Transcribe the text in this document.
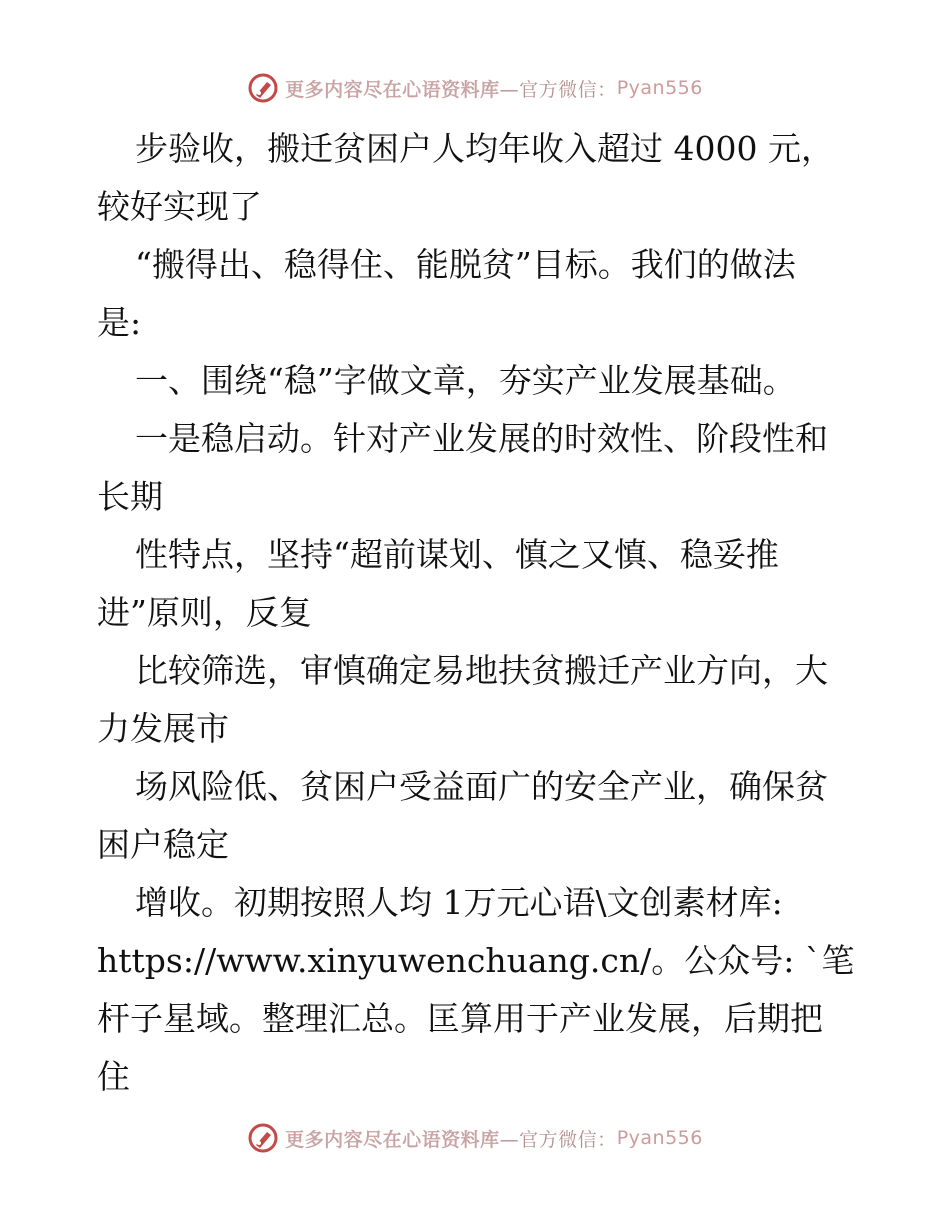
更多内容尽在心语资料库 —官方微信： Pyan556
步验收，搬迁贫困户人均年收入超过 4000 元，
较好实现了
“搬得出、稳得住、能脱贫”目标。我们的做法
是:
一、围绕“稳”字做文章，夯实产业发展基础。
一是稳启动。针对产业发展的时效性、阶段性和
长期
性特点，坚持“超前谋划、慎之又慎、稳妥推
进”原则，反复
比较筛选，审慎确定易地扶贫搬迁产业方向，大
力发展市
场风险低、贫困户受益面广的安全产业，确保贫
困户稳定
增收。初期按照人均 1万元心语\文创素材库:
https://www.xinyuwenchuang.cn/。公众号: `笔
杆子星域。整理汇总。匡算用于产业发展，后期把
住
更多内容尽在心语资料库 —官方微信： Pyan556
